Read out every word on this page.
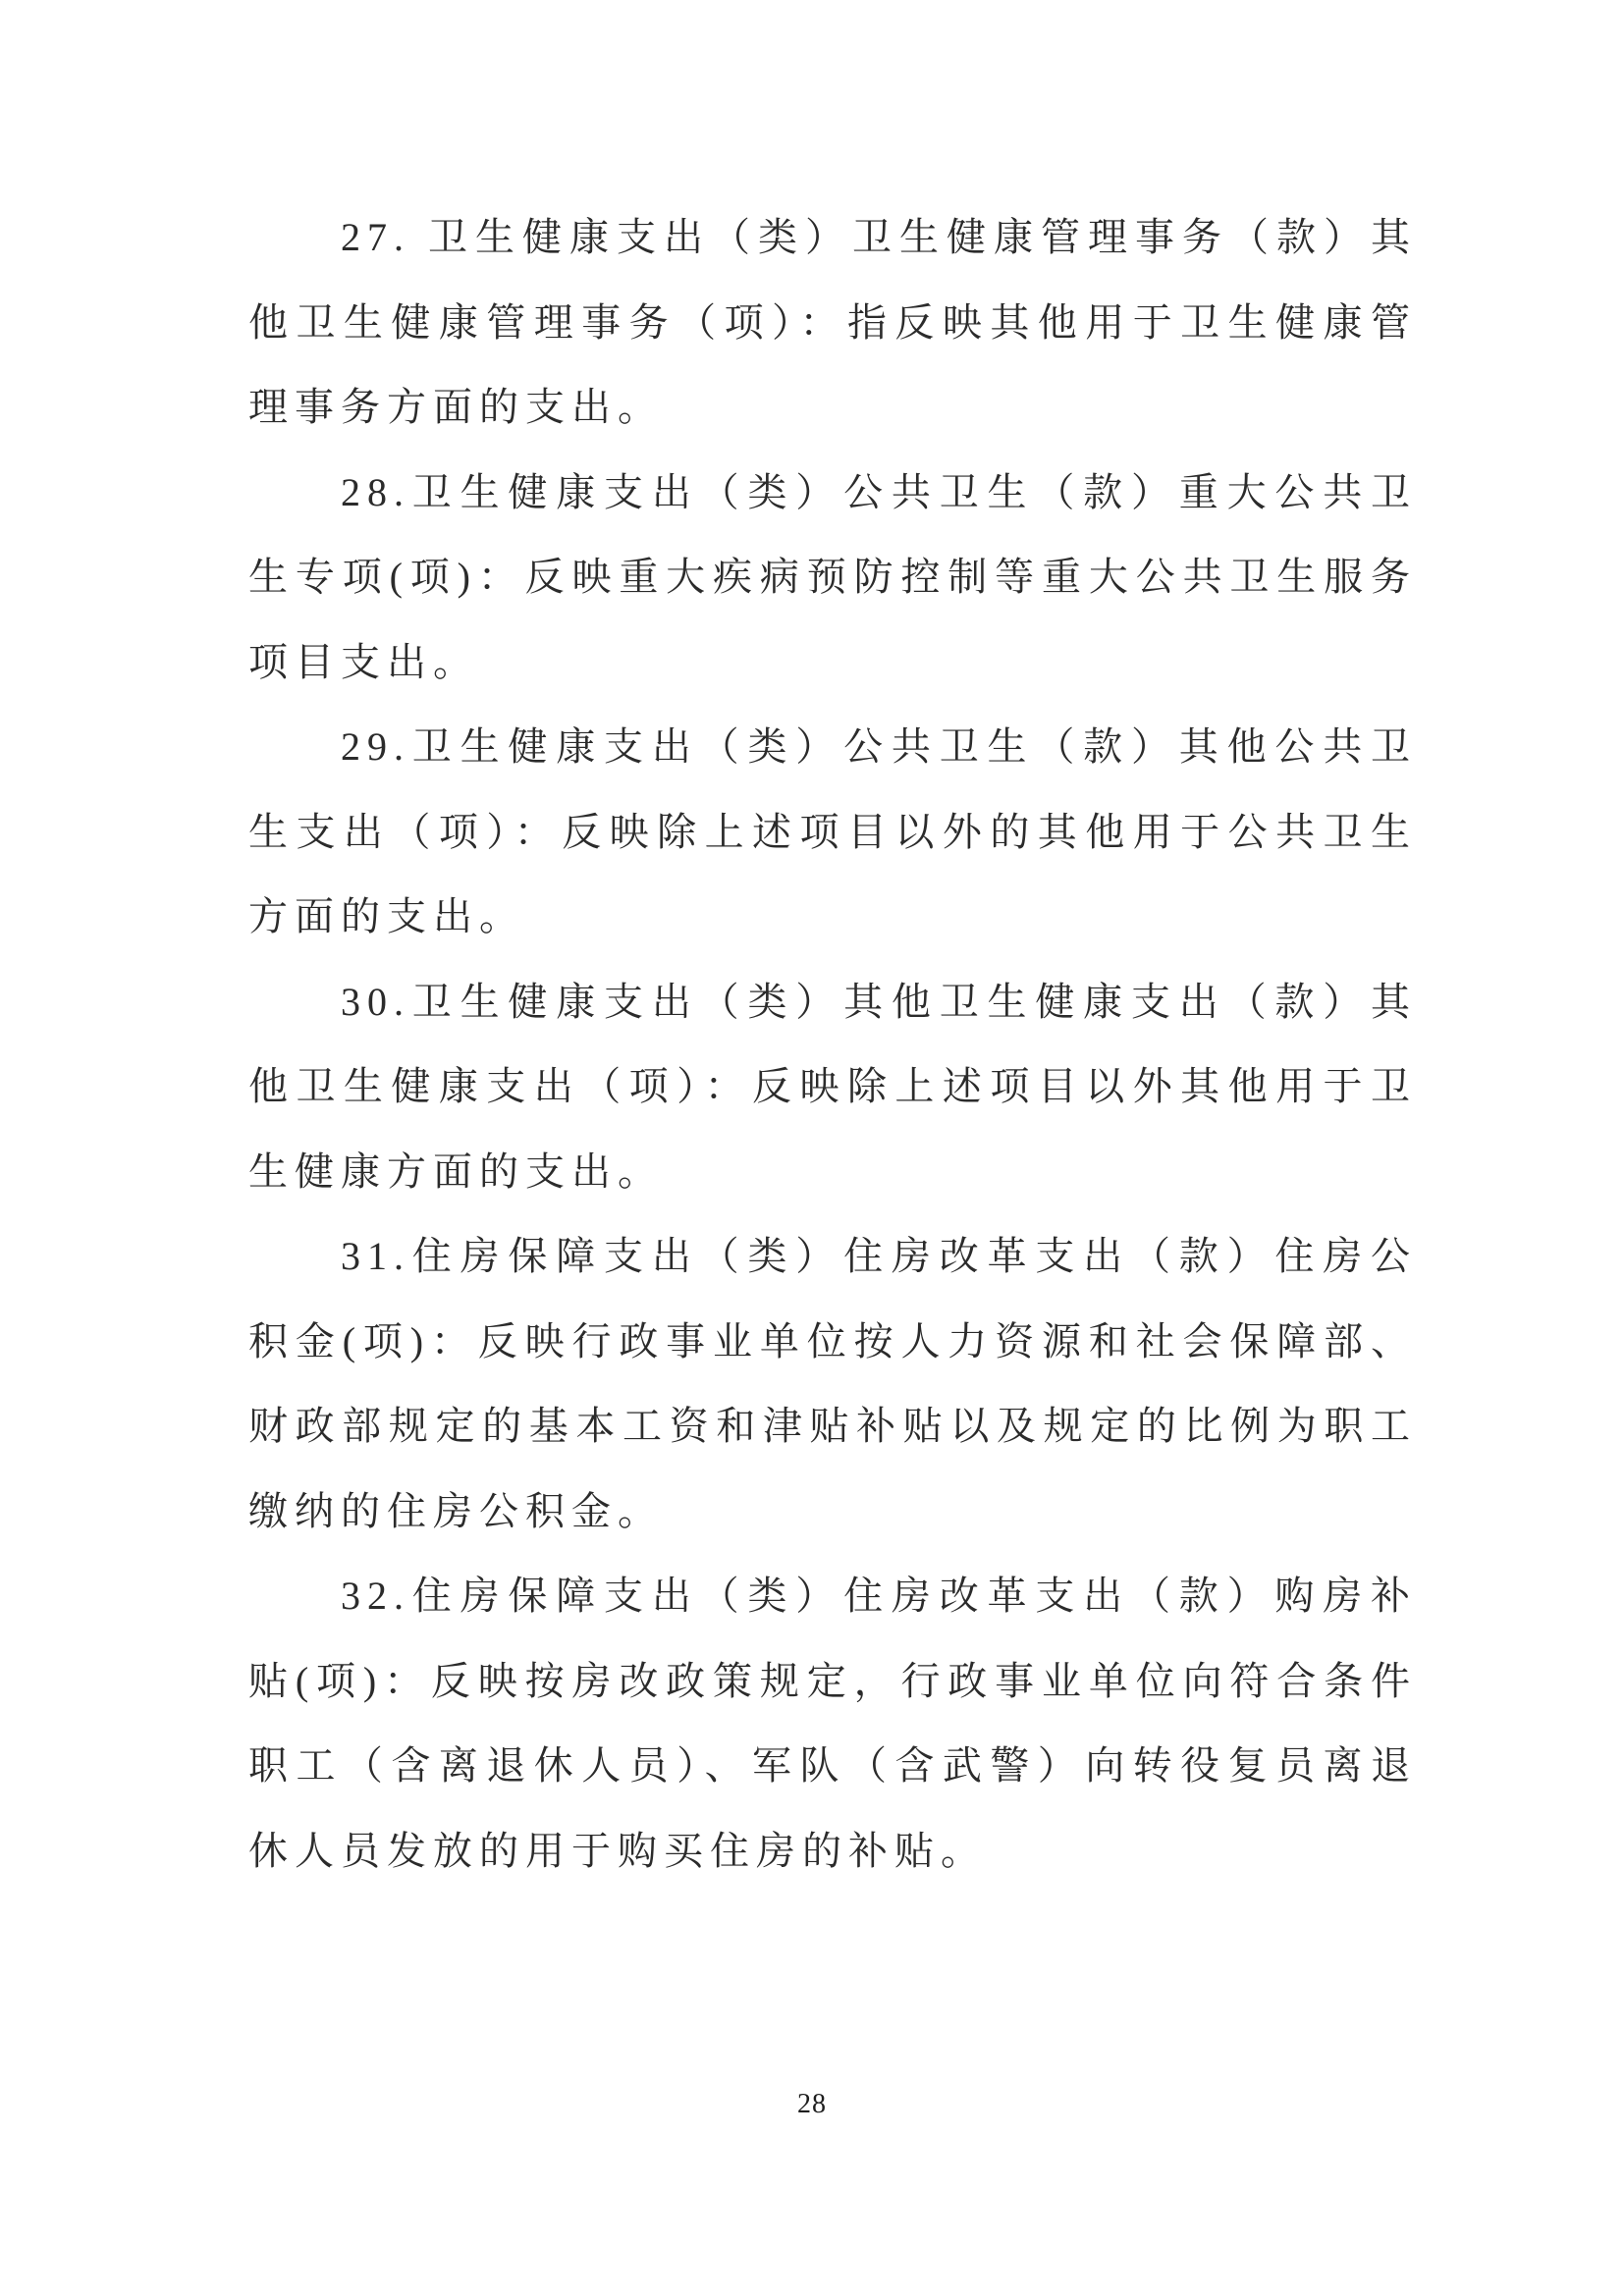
27. 卫生健康支出（类）卫生健康管理事务（款）其他卫生健康管理事务（项）：指反映其他用于卫生健康管理事务方面的支出。

28.卫生健康支出（类）公共卫生（款）重大公共卫生专项(项)：反映重大疾病预防控制等重大公共卫生服务项目支出。

29.卫生健康支出（类）公共卫生（款）其他公共卫生支出（项）：反映除上述项目以外的其他用于公共卫生方面的支出。

30.卫生健康支出（类）其他卫生健康支出（款）其他卫生健康支出（项）：反映除上述项目以外其他用于卫生健康方面的支出。

31.住房保障支出（类）住房改革支出（款）住房公积金(项)：反映行政事业单位按人力资源和社会保障部、财政部规定的基本工资和津贴补贴以及规定的比例为职工缴纳的住房公积金。

32.住房保障支出（类）住房改革支出（款）购房补贴(项)：反映按房改政策规定，行政事业单位向符合条件职工（含离退休人员）、军队（含武警）向转役复员离退休人员发放的用于购买住房的补贴。

28
